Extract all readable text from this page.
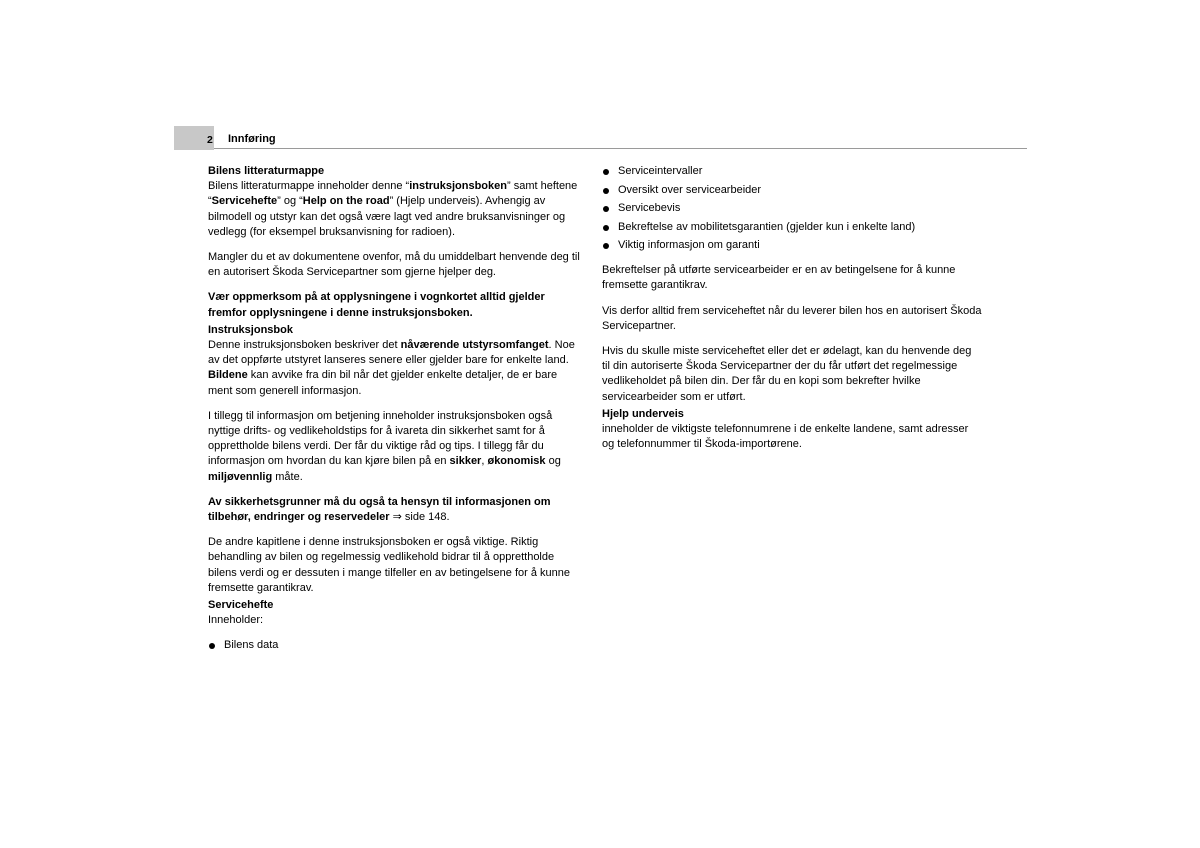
2 Innføring
Bilens litteraturmappe

Bilens litteraturmappe inneholder denne “instruksjonsboken” samt heftene “Servicehefte” og “Help on the road” (Hjelp underveis). Avhengig av bilmodell og utstyr kan det også være lagt ved andre bruksanvisninger og vedlegg (for eksempel bruksanvisning for radioen).

Mangler du et av dokumentene ovenfor, må du umiddelbart henvende deg til en autorisert Škoda Servicepartner som gjerne hjelper deg.

Vær oppmerksom på at opplysningene i vognkortet alltid gjelder fremfor opplysningene i denne instruksjonsboken.

Instruksjonsbok

Denne instruksjonsboken beskriver det nåværende utstyrsomfanget. Noe av det oppførte utstyret lanseres senere eller gjelder bare for enkelte land. Bildene kan avvike fra din bil når det gjelder enkelte detaljer, de er bare ment som generell informasjon.

I tillegg til informasjon om betjening inneholder instruksjonsboken også nyttige drifts- og vedlikeholdstips for å ivareta din sikkerhet samt for å opprettholde bilens verdi. Der får du viktige råd og tips. I tillegg får du informasjon om hvordan du kan kjøre bilen på en sikker, økonomisk og miljøvennlig måte.

Av sikkerhetsgrunner må du også ta hensyn til informasjonen om tilbehør, endringer og reservedeler ⇒ side 148.

De andre kapitlene i denne instruksjonsboken er også viktige. Riktig behandling av bilen og regelmessig vedlikehold bidrar til å opprettholde bilens verdi og er dessuten i mange tilfeller en av betingelsene for å kunne fremsette garantikrav.

Servicehefte

Inneholder:

Bilens data
Serviceintervaller
Oversikt over servicearbeider
Servicebevis
Bekreftelse av mobilitetsgarantien (gjelder kun i enkelte land)
Viktig informasjon om garanti

Bekreftelser på utførte servicearbeider er en av betingelsene for å kunne fremsette garantikrav.

Vis derfor alltid frem serviceheftet når du leverer bilen hos en autorisert Škoda Servicepartner.

Hvis du skulle miste serviceheftet eller det er ødelagt, kan du henvende deg til din autoriserte Škoda Servicepartner der du får utført det regelmessige vedlikeholdet på bilen din. Der får du en kopi som bekrefter hvilke servicearbeider som er utført.

Hjelp underveis

inneholder de viktigste telefonnumrene i de enkelte landene, samt adresser og telefonnummer til Škoda-importørene.
